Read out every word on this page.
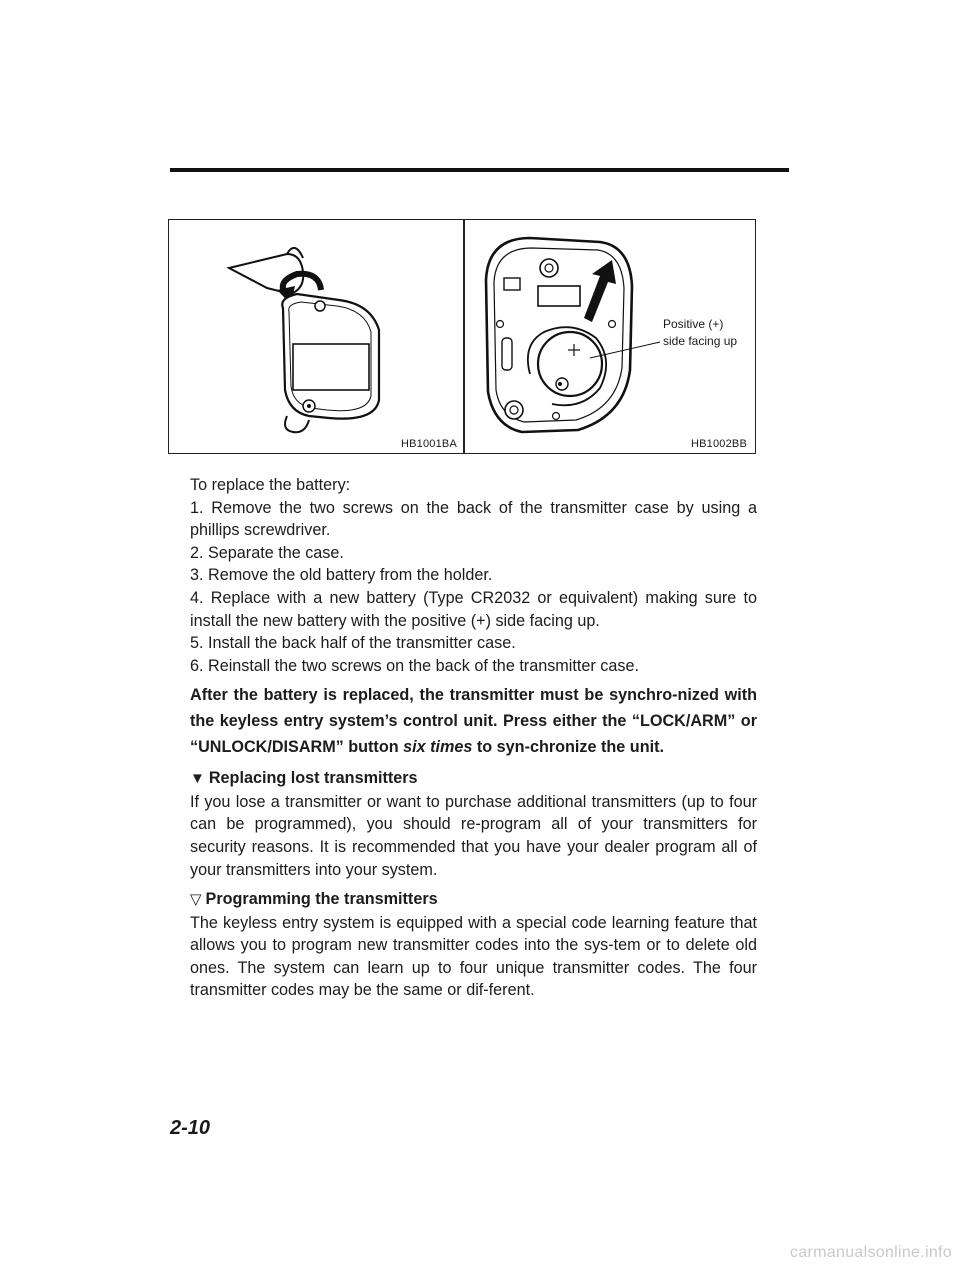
HB1001BA
Positive (+)
side facing up
HB1002BB

To replace the battery:

1. Remove the two screws on the back of the transmitter case by using a phillips screwdriver.

2. Separate the case.

3. Remove the old battery from the holder.

4. Replace with a new battery (Type CR2032 or equivalent) making sure to install the new battery with the positive (+) side facing up.

5. Install the back half of the transmitter case.

6. Reinstall the two screws on the back of the transmitter case.

After the battery is replaced, the transmitter must be synchro-nized with the keyless entry system’s control unit. Press either the “LOCK/ARM” or “UNLOCK/DISARM” button six times to syn-chronize the unit.

▼ Replacing lost transmitters

If you lose a transmitter or want to purchase additional transmitters (up to four can be programmed), you should re-program all of your transmitters for security reasons. It is recommended that you have your dealer program all of your transmitters into your system.

▽ Programming the transmitters

The keyless entry system is equipped with a special code learning feature that allows you to program new transmitter codes into the sys-tem or to delete old ones. The system can learn up to four unique transmitter codes. The four transmitter codes may be the same or dif-ferent.

2-10
carmanualsonline.info
